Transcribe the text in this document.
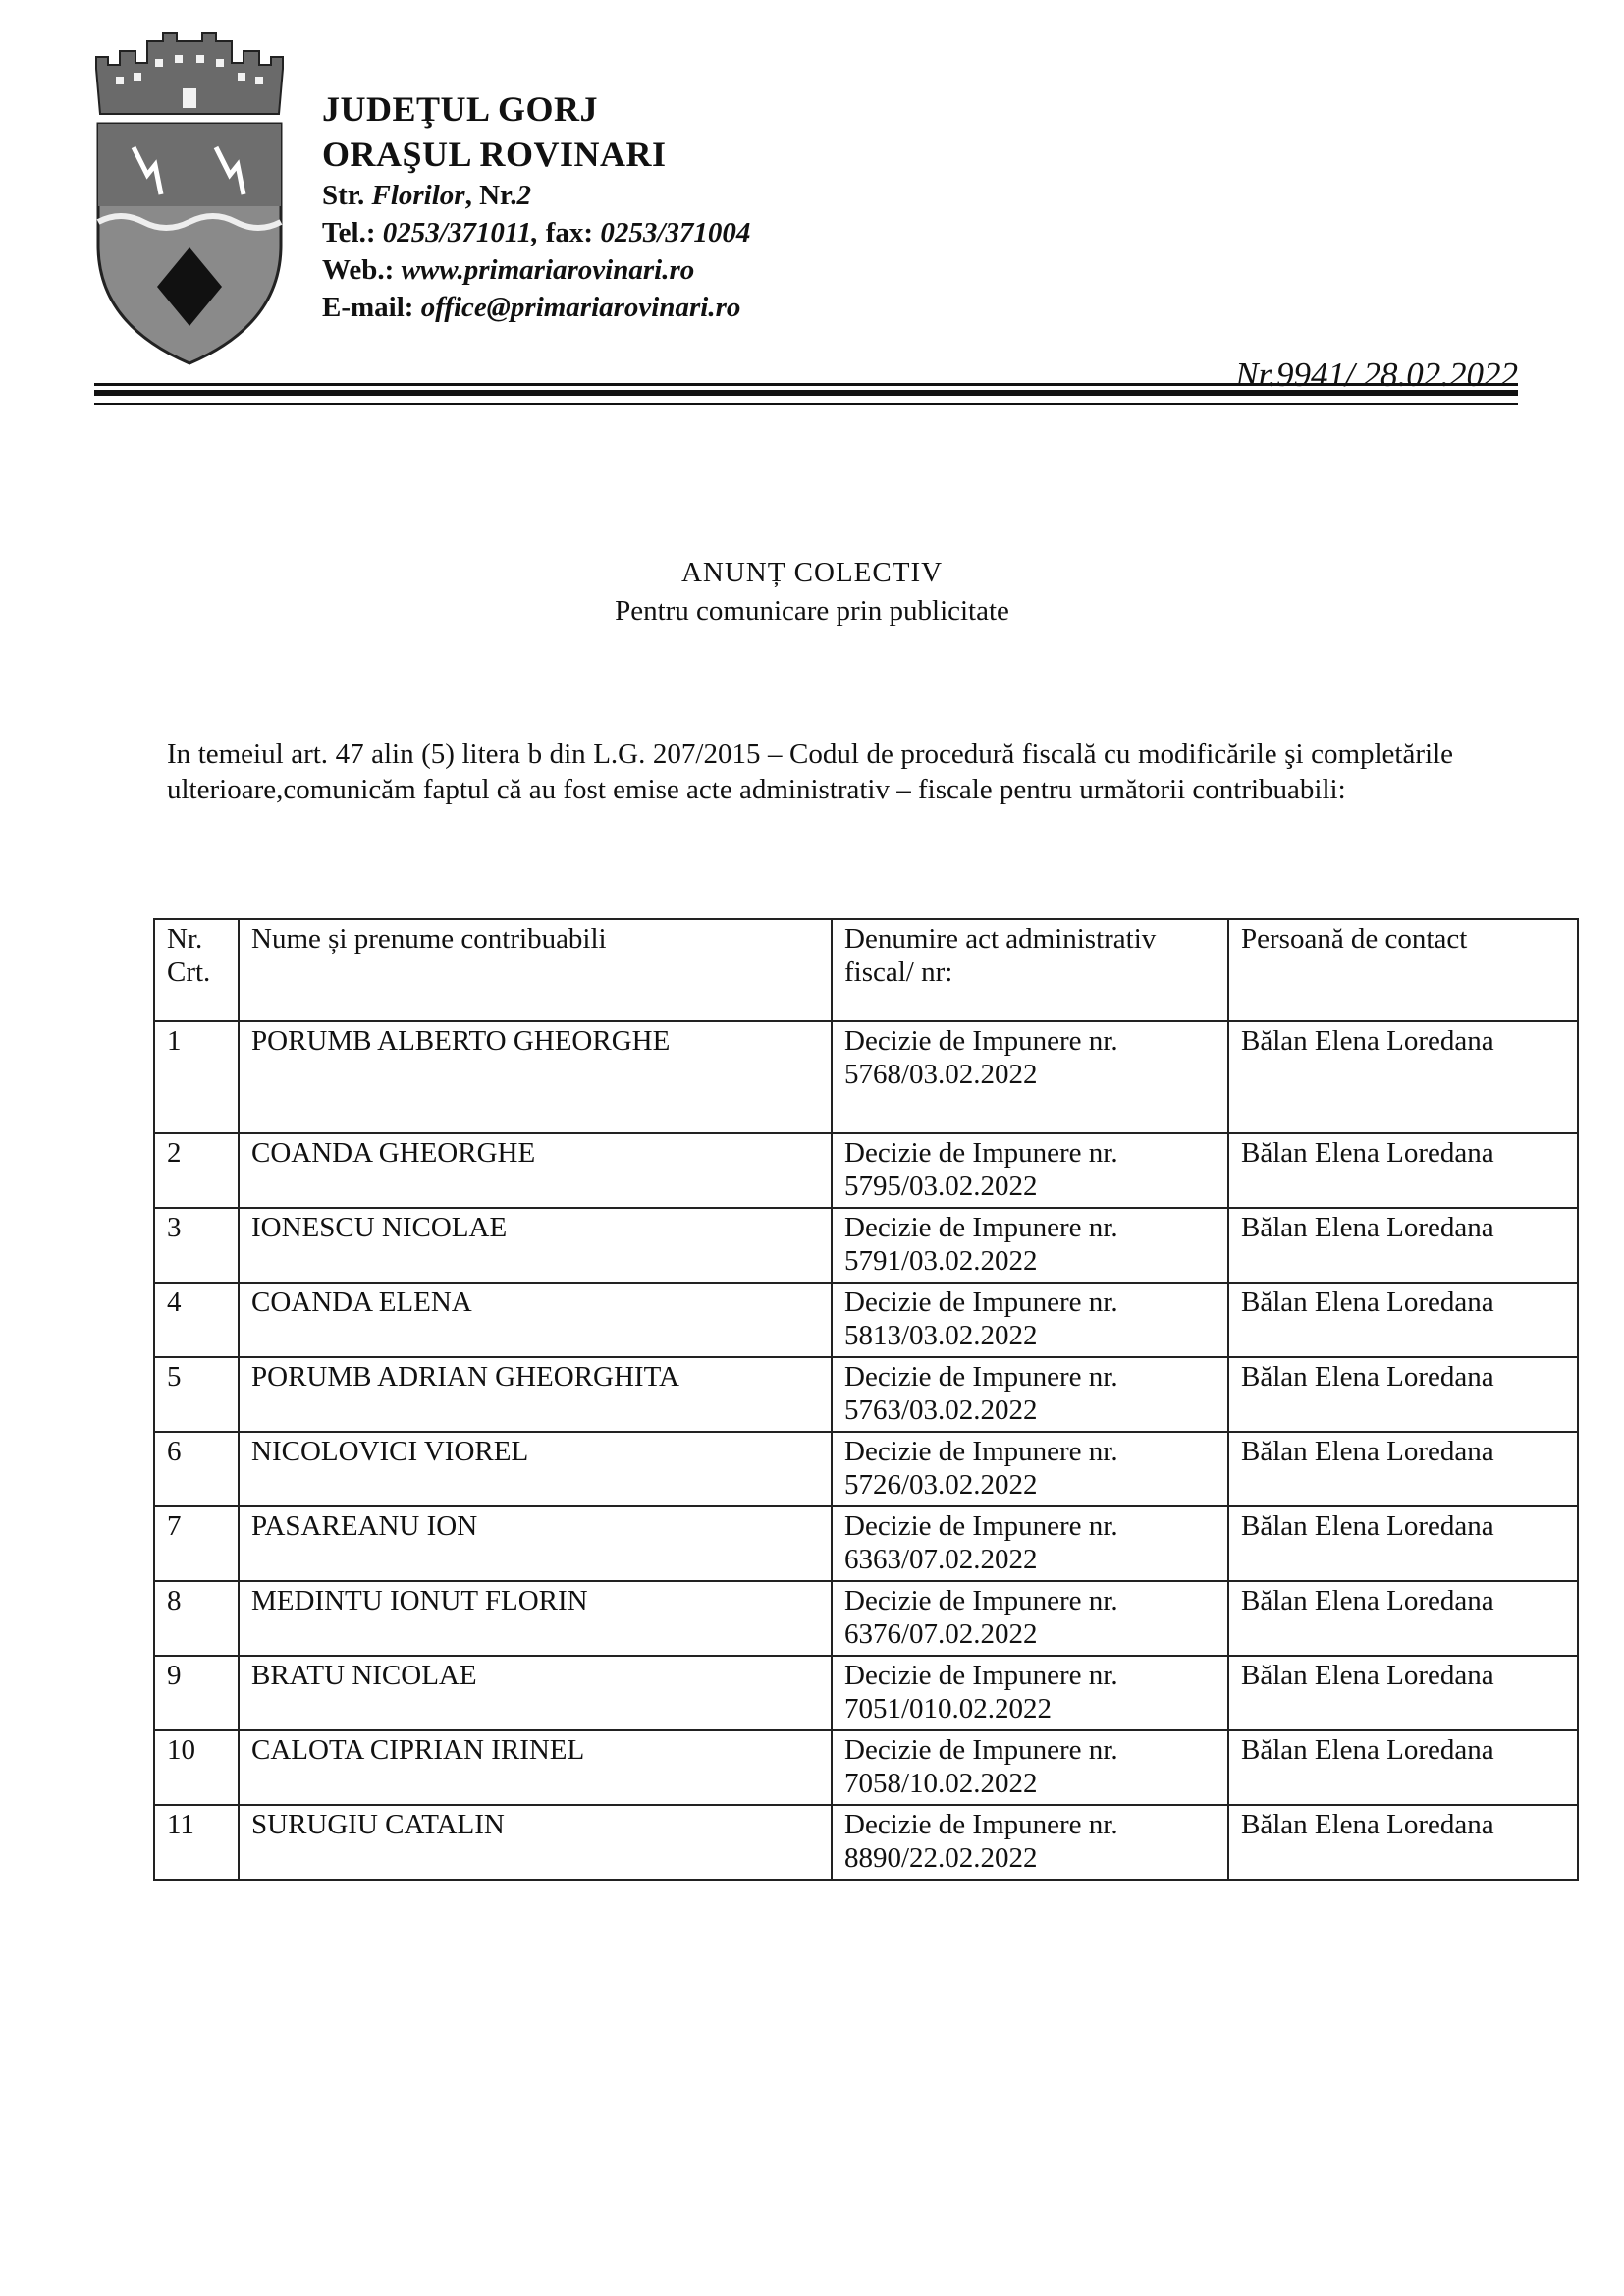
JUDEŢUL GORJ
ORAŞUL ROVINARI
Str. Florilor, Nr.2
Tel.: 0253/371011, fax: 0253/371004
Web.: www.primariarovinari.ro
E-mail: office@primariarovinari.ro
Nr.9941/ 28.02.2022
ANUNȚ COLECTIV
Pentru comunicare prin publicitate
In temeiul art. 47 alin (5) litera b din L.G. 207/2015 – Codul de procedură fiscală cu modificările şi completările ulterioare,comunicăm faptul că au fost emise acte administrativ – fiscale pentru următorii contribuabili:
Nr. Crt.	Nume și prenume contribuabili	Denumire act administrativ fiscal/ nr:	Persoană de contact
1	PORUMB ALBERTO GHEORGHE	Decizie de Impunere nr. 5768/03.02.2022	Bălan Elena Loredana
2	COANDA GHEORGHE	Decizie de Impunere nr. 5795/03.02.2022	Bălan Elena Loredana
3	IONESCU NICOLAE	Decizie de Impunere nr. 5791/03.02.2022	Bălan Elena Loredana
4	COANDA ELENA	Decizie de Impunere nr. 5813/03.02.2022	Bălan Elena Loredana
5	PORUMB ADRIAN GHEORGHITA	Decizie de Impunere nr. 5763/03.02.2022	Bălan Elena Loredana
6	NICOLOVICI VIOREL	Decizie de Impunere nr. 5726/03.02.2022	Bălan Elena Loredana
7	PASAREANU ION	Decizie de Impunere nr. 6363/07.02.2022	Bălan Elena Loredana
8	MEDINTU IONUT FLORIN	Decizie de Impunere nr. 6376/07.02.2022	Bălan Elena Loredana
9	BRATU NICOLAE	Decizie de Impunere nr. 7051/010.02.2022	Bălan Elena Loredana
10	CALOTA CIPRIAN IRINEL	Decizie de Impunere nr. 7058/10.02.2022	Bălan Elena Loredana
11	SURUGIU CATALIN	Decizie de Impunere nr. 8890/22.02.2022	Bălan Elena Loredana
